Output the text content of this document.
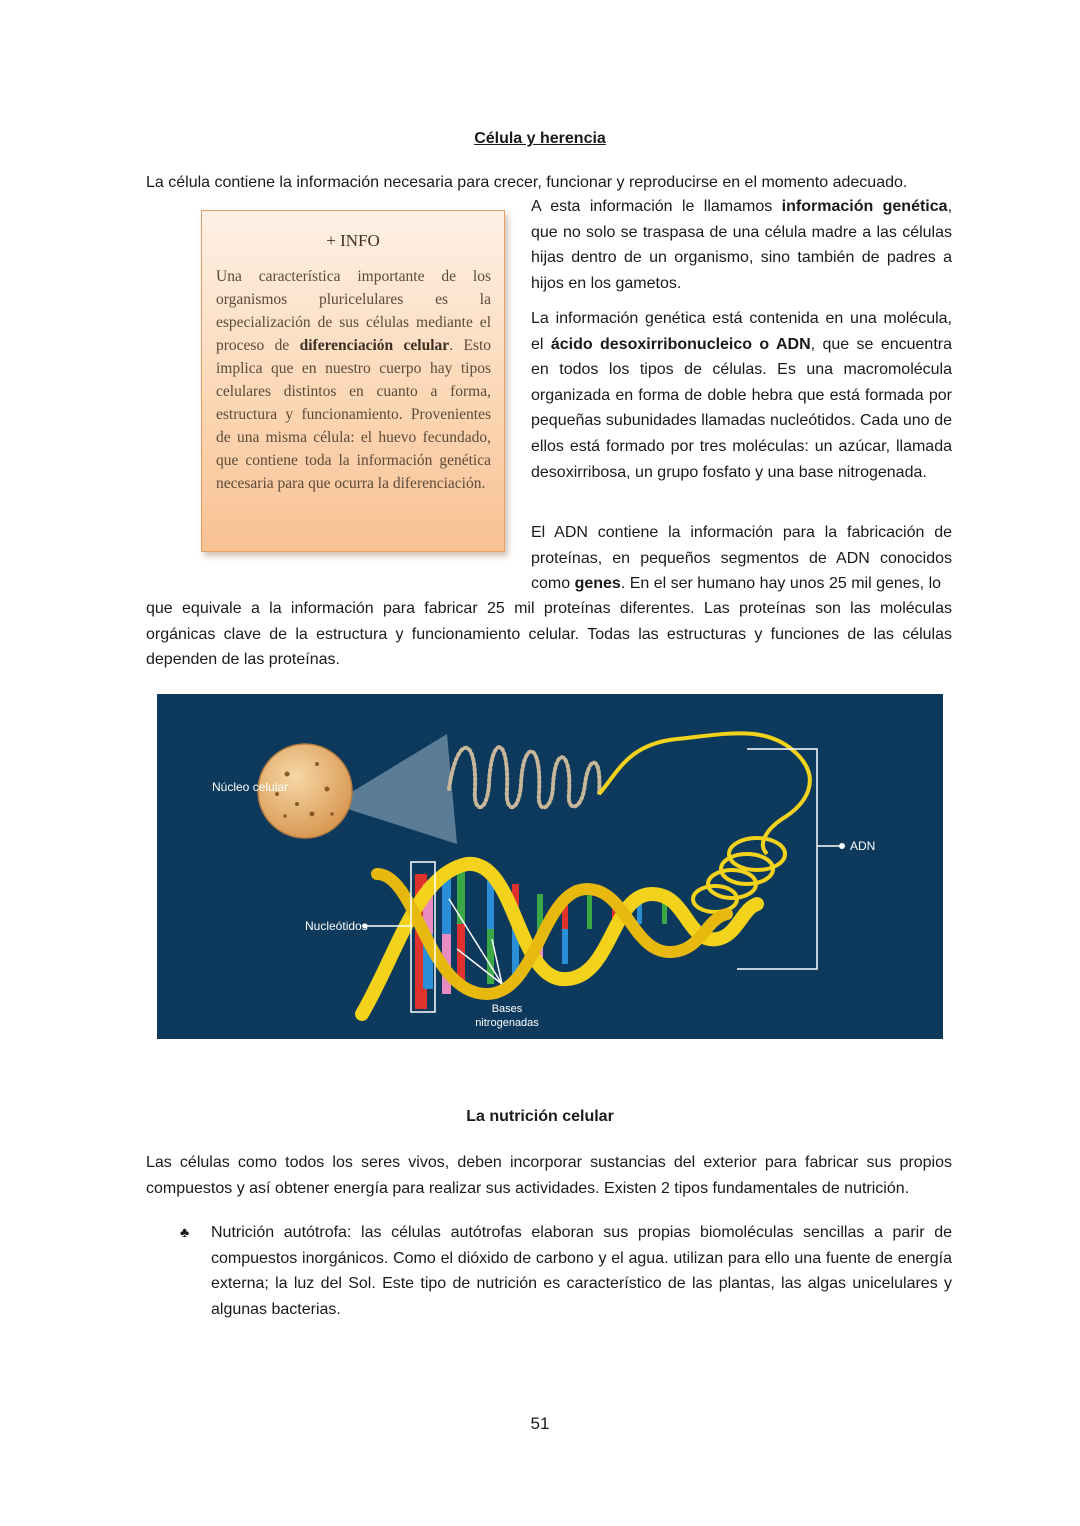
Célula y herencia
La célula contiene la información necesaria para crecer, funcionar y reproducirse en el momento adecuado.
+ INFO
Una característica importante de los organismos pluricelulares es la especialización de sus células mediante el proceso de diferenciación celular. Esto implica que en nuestro cuerpo hay tipos celulares distintos en cuanto a forma, estructura y funcionamiento. Provenientes de una misma célula: el huevo fecundado, que contiene toda la información genética necesaria para que ocurra la diferenciación.
A esta información le llamamos información genética, que no solo se traspasa de una célula madre a las células hijas dentro de un organismo, sino también de padres a hijos en los gametos.
La información genética está contenida en una molécula, el ácido desoxirribonucleico o ADN, que se encuentra en todos los tipos de células. Es una macromolécula organizada en forma de doble hebra que está formada por pequeñas subunidades llamadas nucleótidos. Cada uno de ellos está formado por tres moléculas: un azúcar, llamada desoxirribosa, un grupo fosfato y una base nitrogenada.
El ADN contiene la información para la fabricación de proteínas, en pequeños segmentos de ADN conocidos como genes. En el ser humano hay unos 25 mil genes, lo
que equivale a la información para fabricar 25 mil proteínas diferentes. Las proteínas son las moléculas orgánicas clave de la estructura y funcionamiento celular. Todas las estructuras y funciones de las células dependen de las proteínas.
Núcleo celular
ADN
Nucleótidos
Bases
nitrogenadas
La nutrición celular
Las células como todos los seres vivos, deben incorporar sustancias del exterior para fabricar sus propios compuestos y así obtener energía para realizar sus actividades. Existen 2 tipos fundamentales de nutrición.
♣ Nutrición autótrofa: las células autótrofas elaboran sus propias biomoléculas sencillas a parir de compuestos inorgánicos. Como el dióxido de carbono y el agua. utilizan para ello una fuente de energía externa; la luz del Sol. Este tipo de nutrición es característico de las plantas, las algas unicelulares y algunas bacterias.
51
